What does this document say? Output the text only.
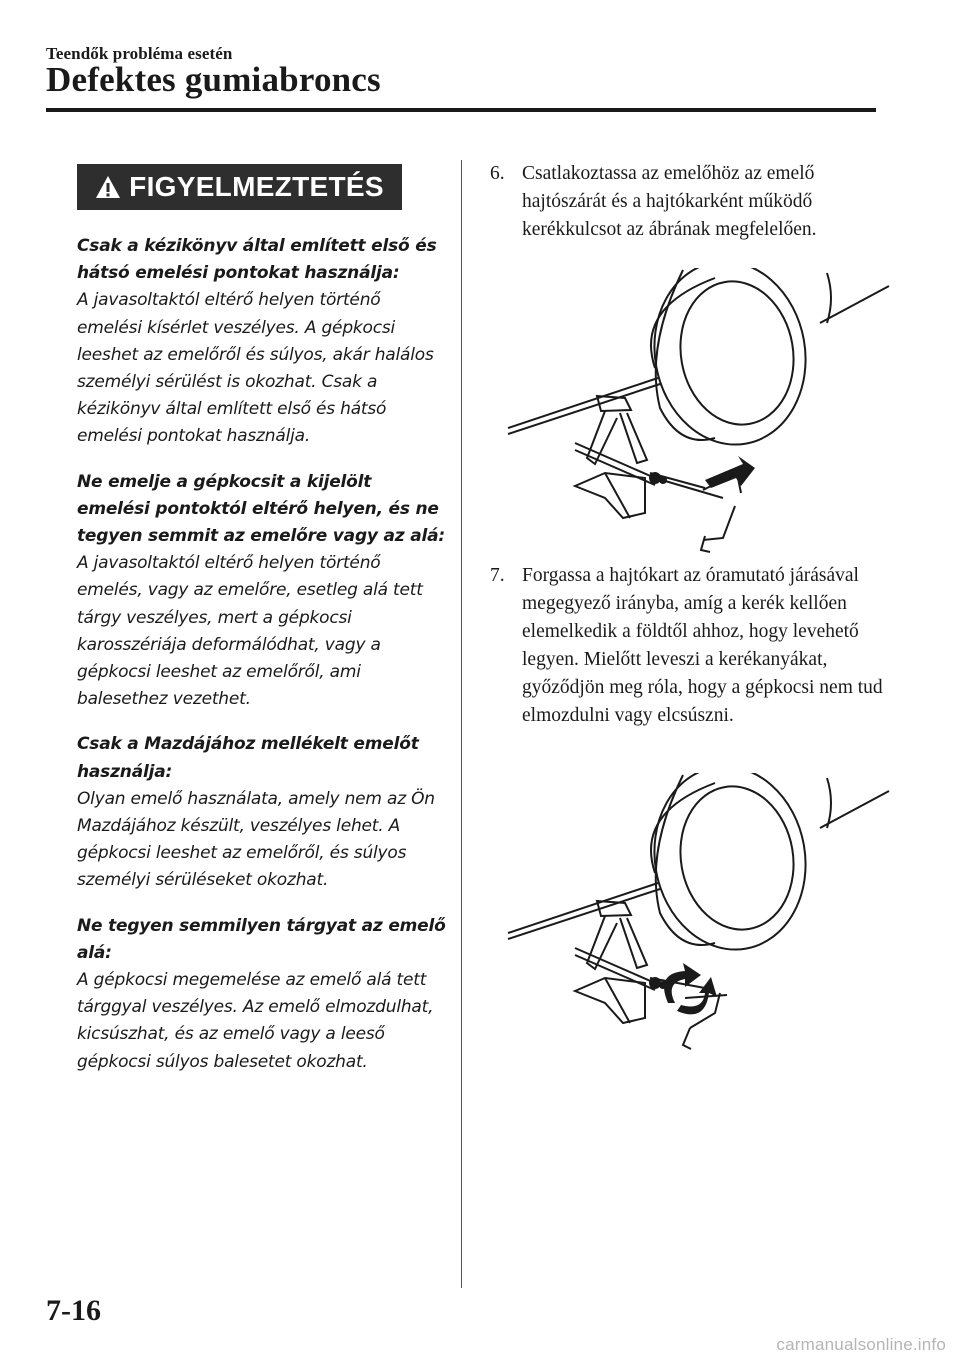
Teendők probléma esetén
Defektes gumiabroncs
FIGYELMEZTETÉS
Csak a kézikönyv által említett első és hátsó emelési pontokat használja:
A javasoltaktól eltérő helyen történő emelési kísérlet veszélyes. A gépkocsi leeshet az emelőről és súlyos, akár halálos személyi sérülést is okozhat. Csak a kézikönyv által említett első és hátsó emelési pontokat használja.
Ne emelje a gépkocsit a kijelölt emelési pontoktól eltérő helyen, és ne tegyen semmit az emelőre vagy az alá:
A javasoltaktól eltérő helyen történő emelés, vagy az emelőre, esetleg alá tett tárgy veszélyes, mert a gépkocsi karosszériája deformálódhat, vagy a gépkocsi leeshet az emelőről, ami balesethez vezethet.
Csak a Mazdájához mellékelt emelőt használja:
Olyan emelő használata, amely nem az Ön Mazdájához készült, veszélyes lehet. A gépkocsi leeshet az emelőről, és súlyos személyi sérüléseket okozhat.
Ne tegyen semmilyen tárgyat az emelő alá:
A gépkocsi megemelése az emelő alá tett tárggyal veszélyes. Az emelő elmozdulhat, kicsúszhat, és az emelő vagy a leeső gépkocsi súlyos balesetet okozhat.
6. Csatlakoztassa az emelőhöz az emelő hajtószárát és a hajtókarként működő kerékkulcsot az ábrának megfelelően.
7. Forgassa a hajtókart az óramutató járásával megegyező irányba, amíg a kerék kellően elemelkedik a földtől ahhoz, hogy levehető legyen. Mielőtt leveszi a kerékanyákat, győződjön meg róla, hogy a gépkocsi nem tud elmozdulni vagy elcsúszni.
7-16
carmanualsonline.info
